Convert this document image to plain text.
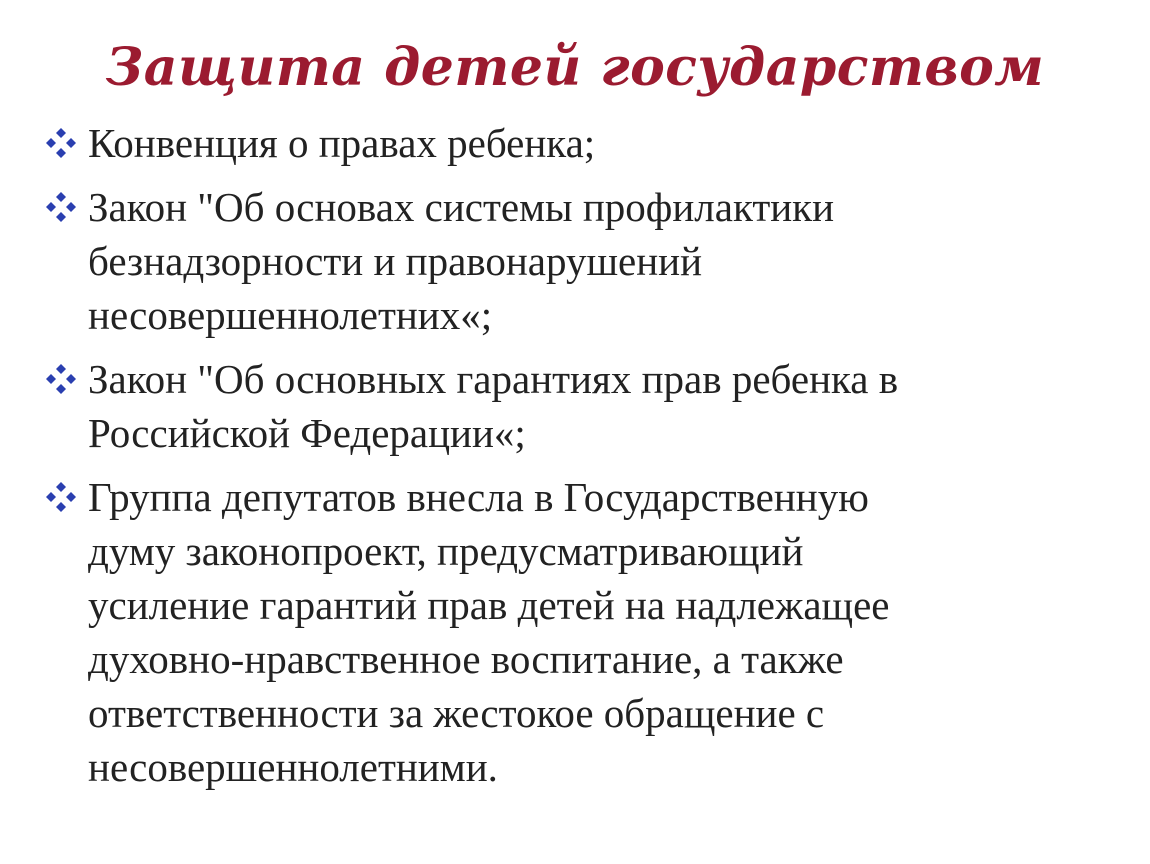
Защита детей государством
Конвенция о правах ребенка;
Закон "Об основах системы профилактики
безнадзорности и правонарушений
несовершеннолетних«;
Закон "Об основных гарантиях прав ребенка в
Российской Федерации«;
Группа депутатов внесла в Государственную
думу законопроект, предусматривающий
усиление гарантий прав детей на надлежащее
духовно-нравственное воспитание, а также
ответственности за жестокое обращение с
несовершеннолетними.
